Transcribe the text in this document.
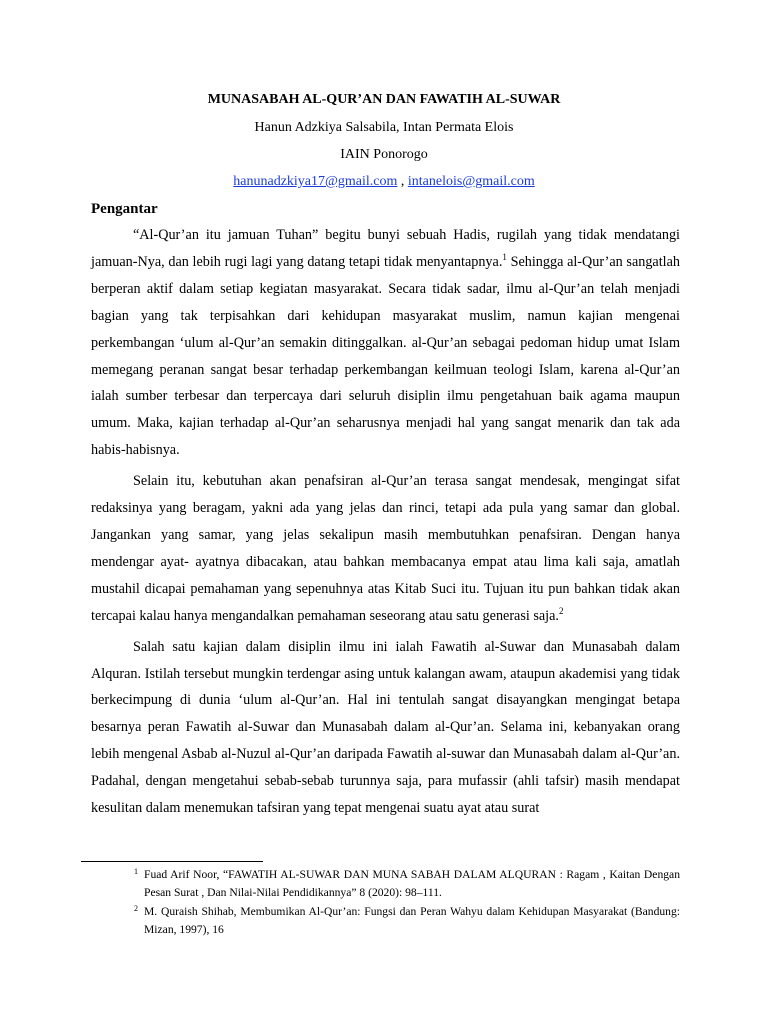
MUNASABAH AL-QUR’AN DAN FAWATIH AL-SUWAR
Hanun Adzkiya Salsabila, Intan Permata Elois
IAIN Ponorogo
hanunadzkiya17@gmail.com , intanelois@gmail.com
Pengantar

“Al-Qur’an itu jamuan Tuhan” begitu bunyi sebuah Hadis, rugilah yang tidak mendatangi jamuan-Nya, dan lebih rugi lagi yang datang tetapi tidak menyantapnya.$^1$ Sehingga al-Qur’an sangatlah berperan aktif dalam setiap kegiatan masyarakat. Secara tidak sadar, ilmu al-Qur’an telah menjadi bagian yang tak terpisahkan dari kehidupan masyarakat muslim, namun kajian mengenai perkembangan ‘ulum al-Qur’an semakin ditinggalkan. al-Qur’an sebagai pedoman hidup umat Islam memegang peranan sangat besar terhadap perkembangan keilmuan teologi Islam, karena al-Qur’an ialah sumber terbesar dan terpercaya dari seluruh disiplin ilmu pengetahuan baik agama maupun umum. Maka, kajian terhadap al-Qur’an seharusnya menjadi hal yang sangat menarik dan tak ada habis-habisnya.

Selain itu, kebutuhan akan penafsiran al-Qur’an terasa sangat mendesak, mengingat sifat redaksinya yang beragam, yakni ada yang jelas dan rinci, tetapi ada pula yang samar dan global. Jangankan yang samar, yang jelas sekalipun masih membutuhkan penafsiran. Dengan hanya mendengar ayat- ayatnya dibacakan, atau bahkan membacanya empat atau lima kali saja, amatlah mustahil dicapai pemahaman yang sepenuhnya atas Kitab Suci itu. Tujuan itu pun bahkan tidak akan tercapai kalau hanya mengandalkan pemahaman seseorang atau satu generasi saja.$^2$

Salah satu kajian dalam disiplin ilmu ini ialah Fawatih al-Suwar dan Munasabah dalam Alquran. Istilah tersebut mungkin terdengar asing untuk kalangan awam, ataupun akademisi yang tidak berkecimpung di dunia ‘ulum al-Qur’an. Hal ini tentulah sangat disayangkan mengingat betapa besarnya peran Fawatih al-Suwar dan Munasabah dalam al-Qur’an. Selama ini, kebanyakan orang lebih mengenal Asbab al-Nuzul al-Qur’an daripada Fawatih al-suwar dan Munasabah dalam al-Qur’an. Padahal, dengan mengetahui sebab-sebab turunnya saja, para mufassir (ahli tafsir) masih mendapat kesulitan dalam menemukan tafsiran yang tepat mengenai suatu ayat atau surat

1 Fuad Arif Noor, “FAWATIH AL-SUWAR DAN MUNA SABAH DALAM ALQURAN : Ragam , Kaitan Dengan Pesan Surat , Dan Nilai-Nilai Pendidikannya” 8 (2020): 98–111.
2 M. Quraish Shihab, Membumikan Al-Qur’an: Fungsi dan Peran Wahyu dalam Kehidupan Masyarakat (Bandung: Mizan, 1997), 16
